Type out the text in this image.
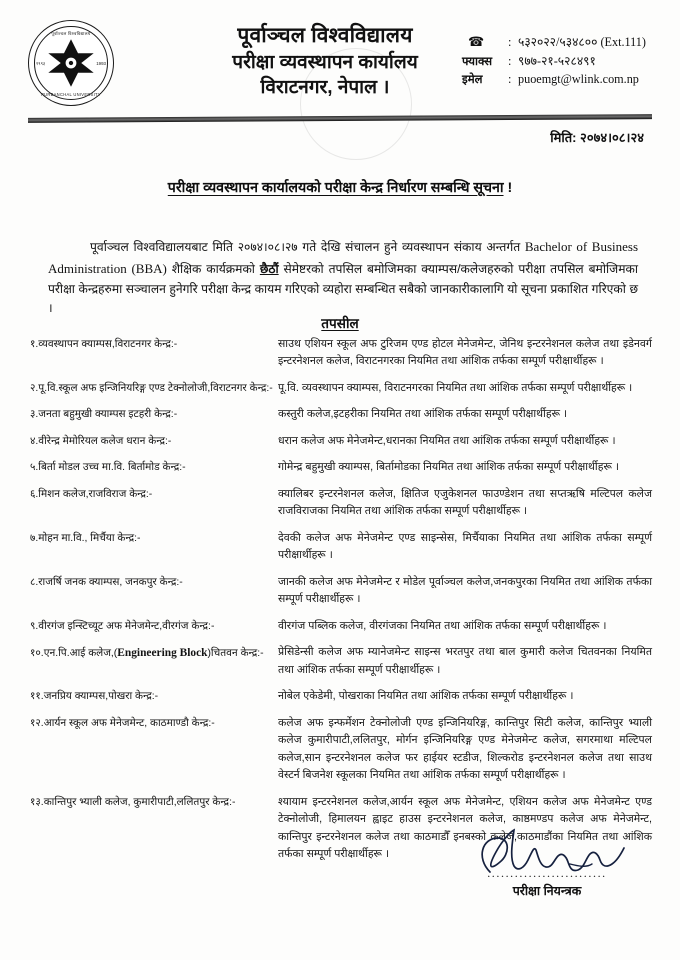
पूर्वाञ्चल विश्वविद्यालय
१९९३	1993
PURBANCHAL UNIVERSITY
पूर्वाञ्चल विश्वविद्यालय
परीक्षा व्यवस्थापन कार्यालय
विराटनगर, नेपाल ।
☎	: ५३२०२२/५३४८०० (Ext.111)
फ्याक्स	: ९७७-२१-५२८४९१
इमेल	: puoemgt@wlink.com.np
मिति: २०७४।०८।२४
परीक्षा व्यवस्थापन कार्यालयको परीक्षा केन्द्र निर्धारण सम्बन्धि सूचना !
पूर्वाञ्चल विश्वविद्यालयबाट मिति २०७४।०८।२७ गते देखि संचालन हुने व्यवस्थापन संकाय अन्तर्गत Bachelor of Business Administration (BBA) शैक्षिक कार्यक्रमको छैठौं सेमेष्टरको तपसिल बमोजिमका क्याम्पस/कलेजहरुको परीक्षा तपसिल बमोजिमका परीक्षा केन्द्रहरुमा सञ्चालन हुनेगरि परीक्षा केन्द्र कायम गरिएको व्यहोरा सम्बन्धित सबैको जानकारीकालागि यो सूचना प्रकाशित गरिएको छ ।
तपसील
१.व्यवस्थापन क्याम्पस,विराटनगर केन्द्र:-	साउथ एशियन स्कूल अफ टुरिजम एण्ड होटल मेनेजमेन्ट, जेनिथ इन्टरनेशनल कलेज तथा इडेनवर्ग इन्टरनेशनल कलेज, विराटनगरका नियमित तथा आंशिक तर्फका सम्पूर्ण परीक्षार्थीहरू ।
२.पू.वि.स्कूल अफ इन्जिनियरिङ्ग एण्ड टेक्नोलोजी,विराटनगर केन्द्र:- पू.वि. व्यवस्थापन क्याम्पस, विराटनगरका नियमित तथा आंशिक तर्फका सम्पूर्ण परीक्षार्थीहरू ।
३.जनता बहुमुखी क्याम्पस इटहरी केन्द्र:-	कस्तुरी कलेज,इटहरीका नियमित तथा आंशिक तर्फका सम्पूर्ण परीक्षार्थीहरू ।
४.वीरेन्द्र मेमोरियल कलेज धरान केन्द्र:-	धरान कलेज अफ मेनेजमेन्ट,धरानका नियमित तथा आंशिक तर्फका सम्पूर्ण परीक्षार्थीहरू ।
५.बिर्ता मोडल उच्च मा.वि. बिर्तामोड केन्द्र:-	गोमेन्द्र बहुमुखी क्याम्पस, बिर्तामोडका नियमित तथा आंशिक तर्फका सम्पूर्ण परीक्षार्थीहरू ।
६.मिशन कलेज,राजविराज केन्द्र:-	क्यालिबर इन्टरनेशनल कलेज, क्षितिज एजुकेशनल फाउण्डेशन तथा सप्तऋषि मल्टिपल कलेज राजविराजका नियमित तथा आंशिक तर्फका सम्पूर्ण परीक्षार्थीहरू ।
७.मोहन मा.वि., मिर्चैया केन्द्र:-	देवकी कलेज अफ मेनेजमेन्ट एण्ड साइन्सेस, मिर्चैयाका नियमित तथा आंशिक तर्फका सम्पूर्ण परीक्षार्थीहरू ।
८.राजर्षि जनक क्याम्पस, जनकपुर केन्द्र:-	जानकी कलेज अफ मेनेजमेन्ट र मोडेल पूर्वाञ्चल कलेज,जनकपुरका नियमित तथा आंशिक तर्फका सम्पूर्ण परीक्षार्थीहरू ।
९.वीरगंज इन्स्टिच्यूट अफ मेनेजमेन्ट,वीरगंज केन्द्र:-	वीरगंज पब्लिक कलेज, वीरगंजका नियमित तथा आंशिक तर्फका सम्पूर्ण परीक्षार्थीहरू ।
१०.एन.पि.आई कलेज,(Engineering Block)चितवन केन्द्र:-	प्रेसिडेन्सी कलेज अफ म्यानेजमेन्ट साइन्स भरतपुर तथा बाल कुमारी कलेज चितवनका नियमित तथा आंशिक तर्फका सम्पूर्ण परीक्षार्थीहरू ।
११.जनप्रिय क्याम्पस,पोखरा केन्द्र:-	नोबेल एकेडेमी, पोखराका नियमित तथा आंशिक तर्फका सम्पूर्ण परीक्षार्थीहरू ।
१२.आर्यन स्कूल अफ मेनेजमेन्ट, काठमाण्डौ केन्द्र:-	कलेज अफ इन्फर्मेशन टेक्नोलोजी एण्ड इन्जिनियरिङ्ग, कान्तिपुर सिटी कलेज, कान्तिपुर भ्याली कलेज कुमारीपाटी,ललितपुर, मोर्गन इन्जिनियरिङ्ग एण्ड मेनेजमेन्ट कलेज, सगरमाथा मल्टिपल कलेज,सान इन्टरनेशनल कलेज फर हाईयर स्टडीज, शिल्करोड इन्टरनेशनल कलेज तथा साउथ वेस्टर्न बिजनेश स्कूलका नियमित तथा आंशिक तर्फका सम्पूर्ण परीक्षार्थीहरू ।
१३.कान्तिपुर भ्याली कलेज, कुमारीपाटी,ललितपुर केन्द्र:-	श्यायाम इन्टरनेशनल कलेज,आर्यन स्कूल अफ मेनेजमेन्ट, एशियन कलेज अफ मेनेजमेन्ट एण्ड टेक्नोलोजी, हिमालयन ह्वाइट हाउस इन्टरनेशनल कलेज, काष्ठमण्डप कलेज अफ मेनेजमेन्ट, कान्तिपुर इन्टरनेशनल कलेज तथा काठमाडौँ इनबस्को कलेज,काठमाडौंका नियमित तथा आंशिक तर्फका सम्पूर्ण परीक्षार्थीहरू ।
..........................
परीक्षा नियन्त्रक
